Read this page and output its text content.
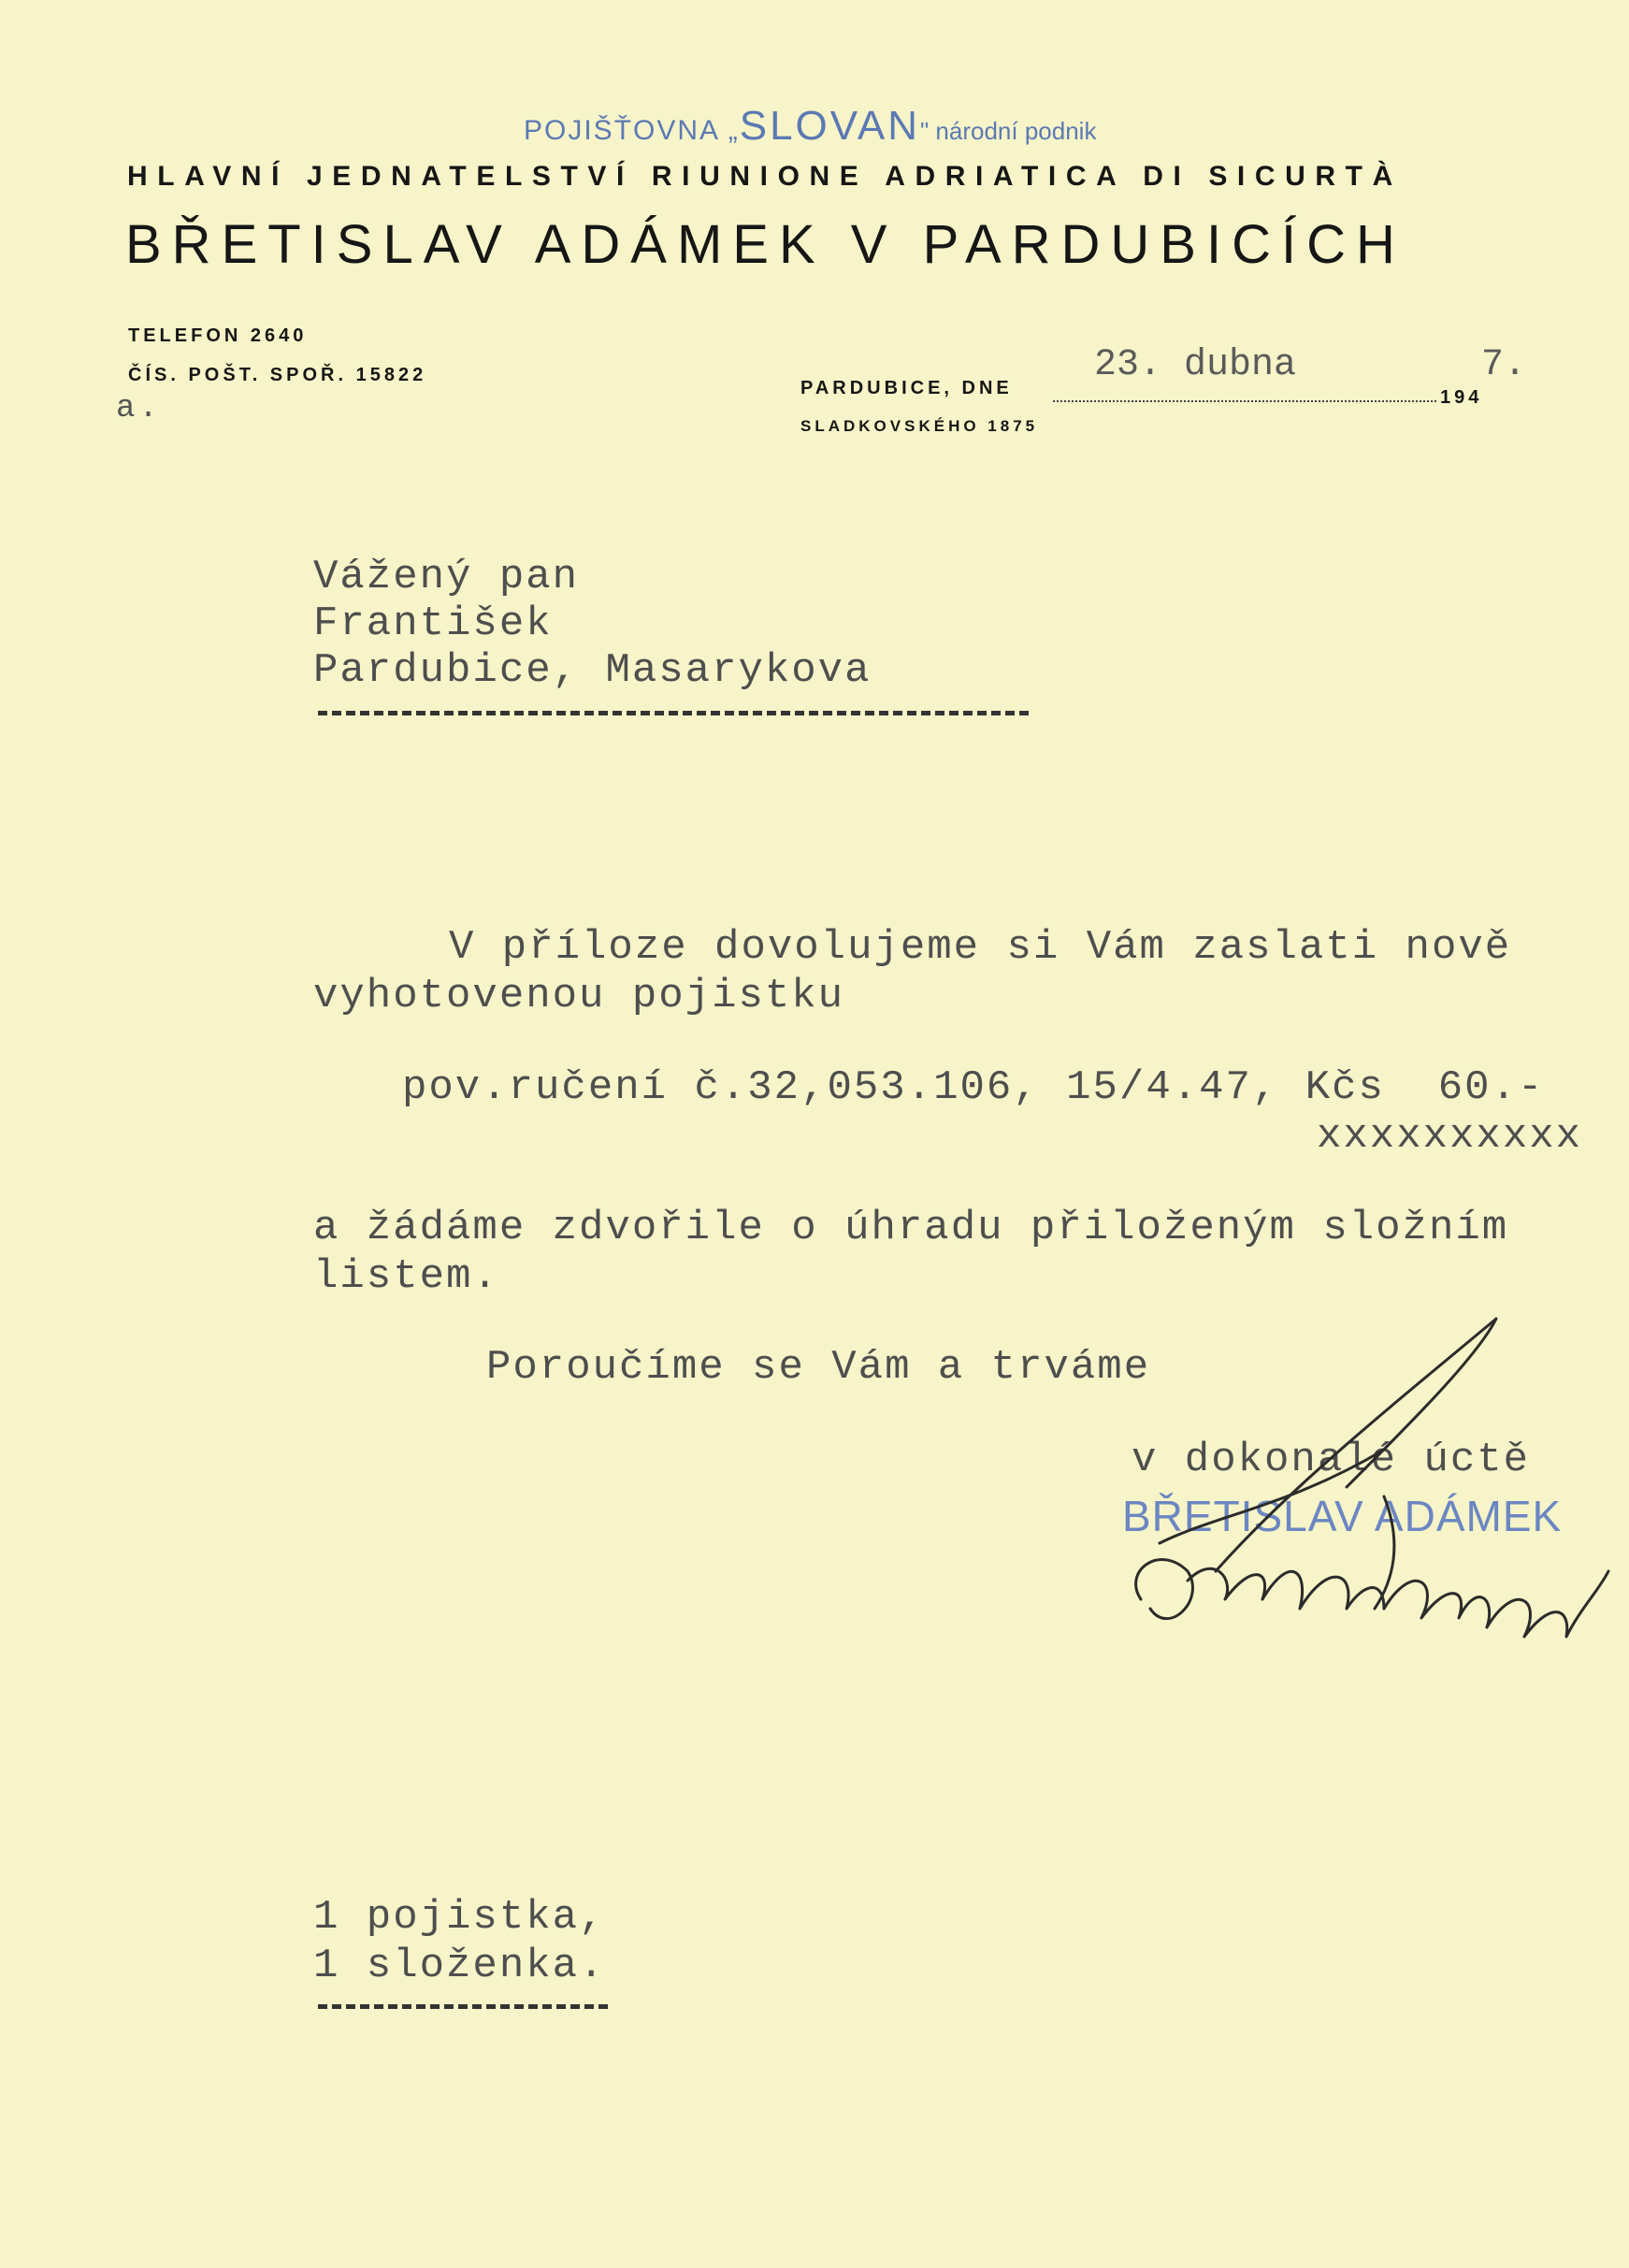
POJIŠŤOVNA „SLOVAN" národní podnik
HLAVNÍ JEDNATELSTVÍ RIUNIONE ADRIATICA DI SICURTÀ
BŘETISLAV ADÁMEK V PARDUBICÍCH
TELEFON 2640
ČÍS. POŠT. SPOŘ. 15822
a.
PARDUBICE, DNE
SLADKOVSKÉHO 1875
23. dubna
194
7.
Vážený pan
František
Pardubice, Masarykova
V příloze dovolujeme si Vám zaslati nově
vyhotovenou pojistku
pov.ručení č.32,053.106, 15/4.47, Kčs  60.-
xxxxxxxxxx
a žádáme zdvořile o úhradu přiloženým složním
listem.
Poroučíme se Vám a trváme
v dokonalé úctě
BŘETISLAV ADÁMEK
1 pojistka,
1 složenka.
